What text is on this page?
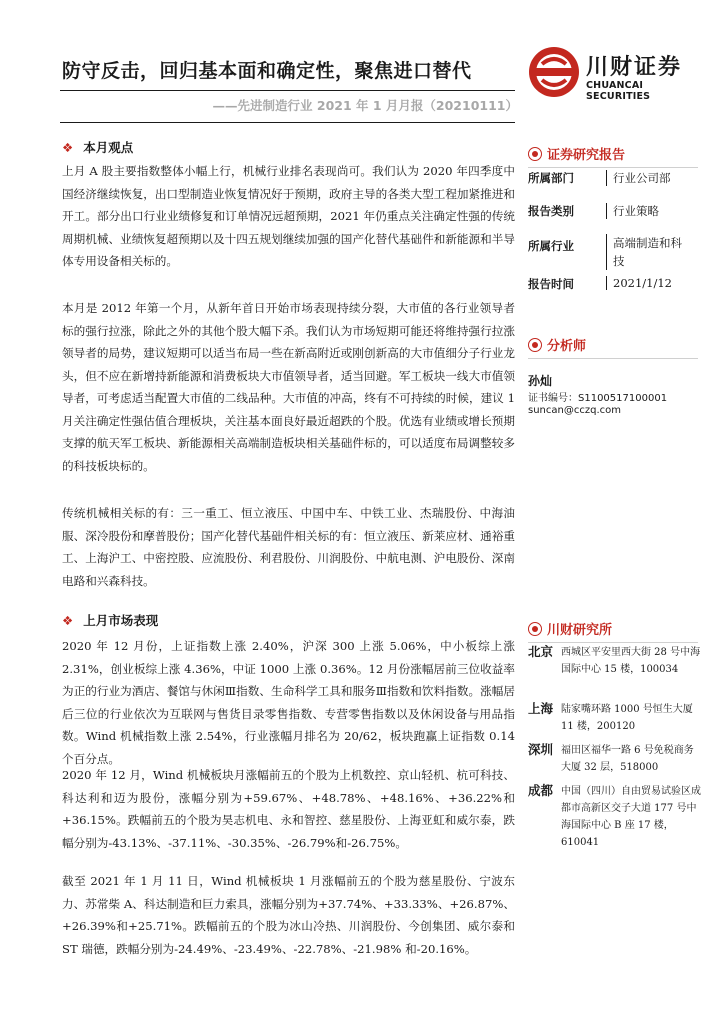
防守反击，回归基本面和确定性，聚焦进口替代
——先进制造行业 2021 年 1 月月报（20210111）
川财证券
CHUANCAI SECURITIES
❖ 本月观点

上月 A 股主要指数整体小幅上行，机械行业排名表现尚可。我们认为 2020 年四季度中国经济继续恢复，出口型制造业恢复情况好于预期，政府主导的各类大型工程加紧推进和开工。部分出口行业业绩修复和订单情况远超预期，2021 年仍重点关注确定性强的传统周期机械、业绩恢复超预期以及十四五规划继续加强的国产化替代基础件和新能源和半导体专用设备相关标的。

本月是 2012 年第一个月，从新年首日开始市场表现持续分裂，大市值的各行业领导者标的强行拉涨，除此之外的其他个股大幅下杀。我们认为市场短期可能还将维持强行拉涨领导者的局势，建议短期可以适当布局一些在新高附近或刚创新高的大市值细分子行业龙头，但不应在新增持新能源和消费板块大市值领导者，适当回避。军工板块一线大市值领导者，可考虑适当配置大市值的二线品种。大市值的冲高，终有不可持续的时候，建议 1 月关注确定性强估值合理板块，关注基本面良好最近超跌的个股。优选有业绩或增长预期支撑的航天军工板块、新能源相关高端制造板块相关基础件标的，可以适度布局调整较多的科技板块标的。

传统机械相关标的有：三一重工、恒立液压、中国中车、中铁工业、杰瑞股份、中海油服、深冷股份和摩普股份；国产化替代基础件相关标的有：恒立液压、新莱应材、通裕重工、上海沪工、中密控股、应流股份、利君股份、川润股份、中航电测、沪电股份、深南电路和兴森科技。

❖ 上月市场表现

2020 年 12 月份，上证指数上涨 2.40%，沪深 300 上涨 5.06%，中小板综上涨 2.31%，创业板综上涨 4.36%，中证 1000 上涨 0.36%。12 月份涨幅居前三位收益率为正的行业为酒店、餐馆与休闲Ⅲ指数、生命科学工具和服务Ⅲ指数和饮料指数。涨幅居后三位的行业依次为互联网与售货目录零售指数、专营零售指数以及休闲设备与用品指数。Wind 机械指数上涨 2.54%，行业涨幅月排名为 20/62，板块跑赢上证指数 0.14 个百分点。

2020 年 12 月，Wind 机械板块月涨幅前五的个股为上机数控、京山轻机、杭可科技、科达利和迈为股份，涨幅分别为+59.67%、+48.78%、+48.16%、+36.22%和+36.15%。跌幅前五的个股为昊志机电、永和智控、慈星股份、上海亚虹和威尔泰，跌幅分别为-43.13%、-37.11%、-30.35%、-26.79%和-26.75%。

截至 2021 年 1 月 11 日，Wind 机械板块 1 月涨幅前五的个股为慈星股份、宁波东力、苏常柴 A、科达制造和巨力索具，涨幅分别为+37.74%、+33.33%、+26.87%、+26.39%和+25.71%。跌幅前五的个股为冰山冷热、川润股份、今创集团、威尔泰和 ST 瑞德，跌幅分别为-24.49%、-23.49%、-22.78%、-21.98% 和-20.16%。

证券研究报告
所属部门	行业公司部
报告类别	行业策略
所属行业	高端制造和科技
报告时间	2021/1/12
分析师
孙灿
证书编号：S1100517100001
suncan@cczq.com
川财研究所
北京 西城区平安里西大街 28 号中海国际中心 15 楼，100034
上海 陆家嘴环路 1000 号恒生大厦 11 楼，200120
深圳 福田区福华一路 6 号免税商务大厦 32 层，518000
成都 中国（四川）自由贸易试验区成都市高新区交子大道 177 号中海国际中心 B 座 17 楼，610041
